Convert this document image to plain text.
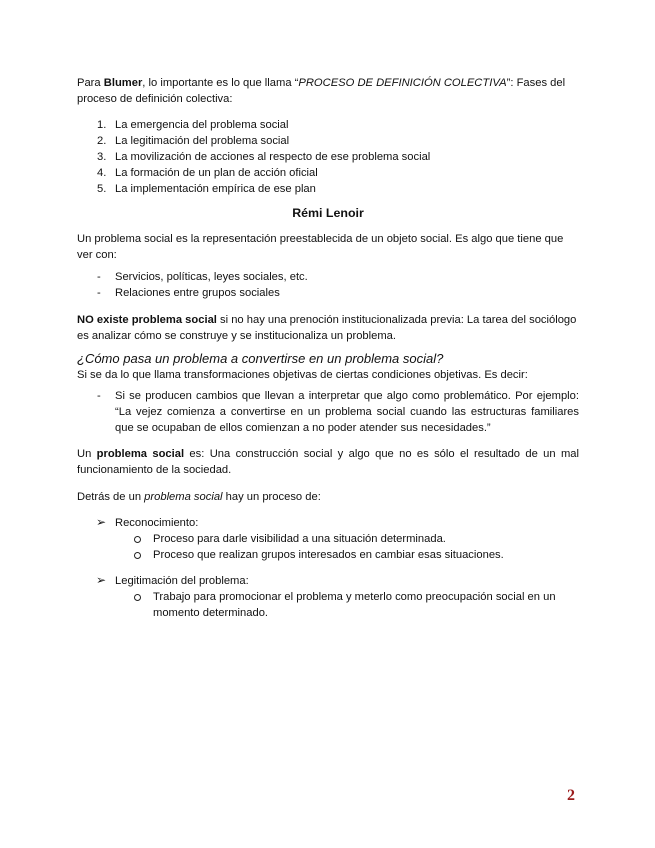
Para Blumer, lo importante es lo que llama “PROCESO DE DEFINICIÓN COLECTIVA”: Fases del proceso de definición colectiva:

1. La emergencia del problema social
2. La legitimación del problema social
3. La movilización de acciones al respecto de ese problema social
4. La formación de un plan de acción oficial
5. La implementación empírica de ese plan
Rémi Lenoir

Un problema social es la representación preestablecida de un objeto social. Es algo que tiene que ver con:

- Servicios, políticas, leyes sociales, etc.
- Relaciones entre grupos sociales

NO existe problema social si no hay una prenoción institucionalizada previa: La tarea del sociólogo es analizar cómo se construye y se institucionaliza un problema.

¿Cómo pasa un problema a convertirse en un problema social?

Si se da lo que llama transformaciones objetivas de ciertas condiciones objetivas. Es decir:

- Si se producen cambios que llevan a interpretar que algo como problemático. Por ejemplo: “La vejez comienza a convertirse en un problema social cuando las estructuras familiares que se ocupaban de ellos comienzan a no poder atender sus necesidades.”

Un problema social es: Una construcción social y algo que no es sólo el resultado de un mal funcionamiento de la sociedad.

Detrás de un problema social hay un proceso de:

➢ Reconocimiento:
Proceso para darle visibilidad a una situación determinada.
Proceso que realizan grupos interesados en cambiar esas situaciones.
➢ Legitimación del problema:
Trabajo para promocionar el problema y meterlo como preocupación social en un momento determinado.
2
